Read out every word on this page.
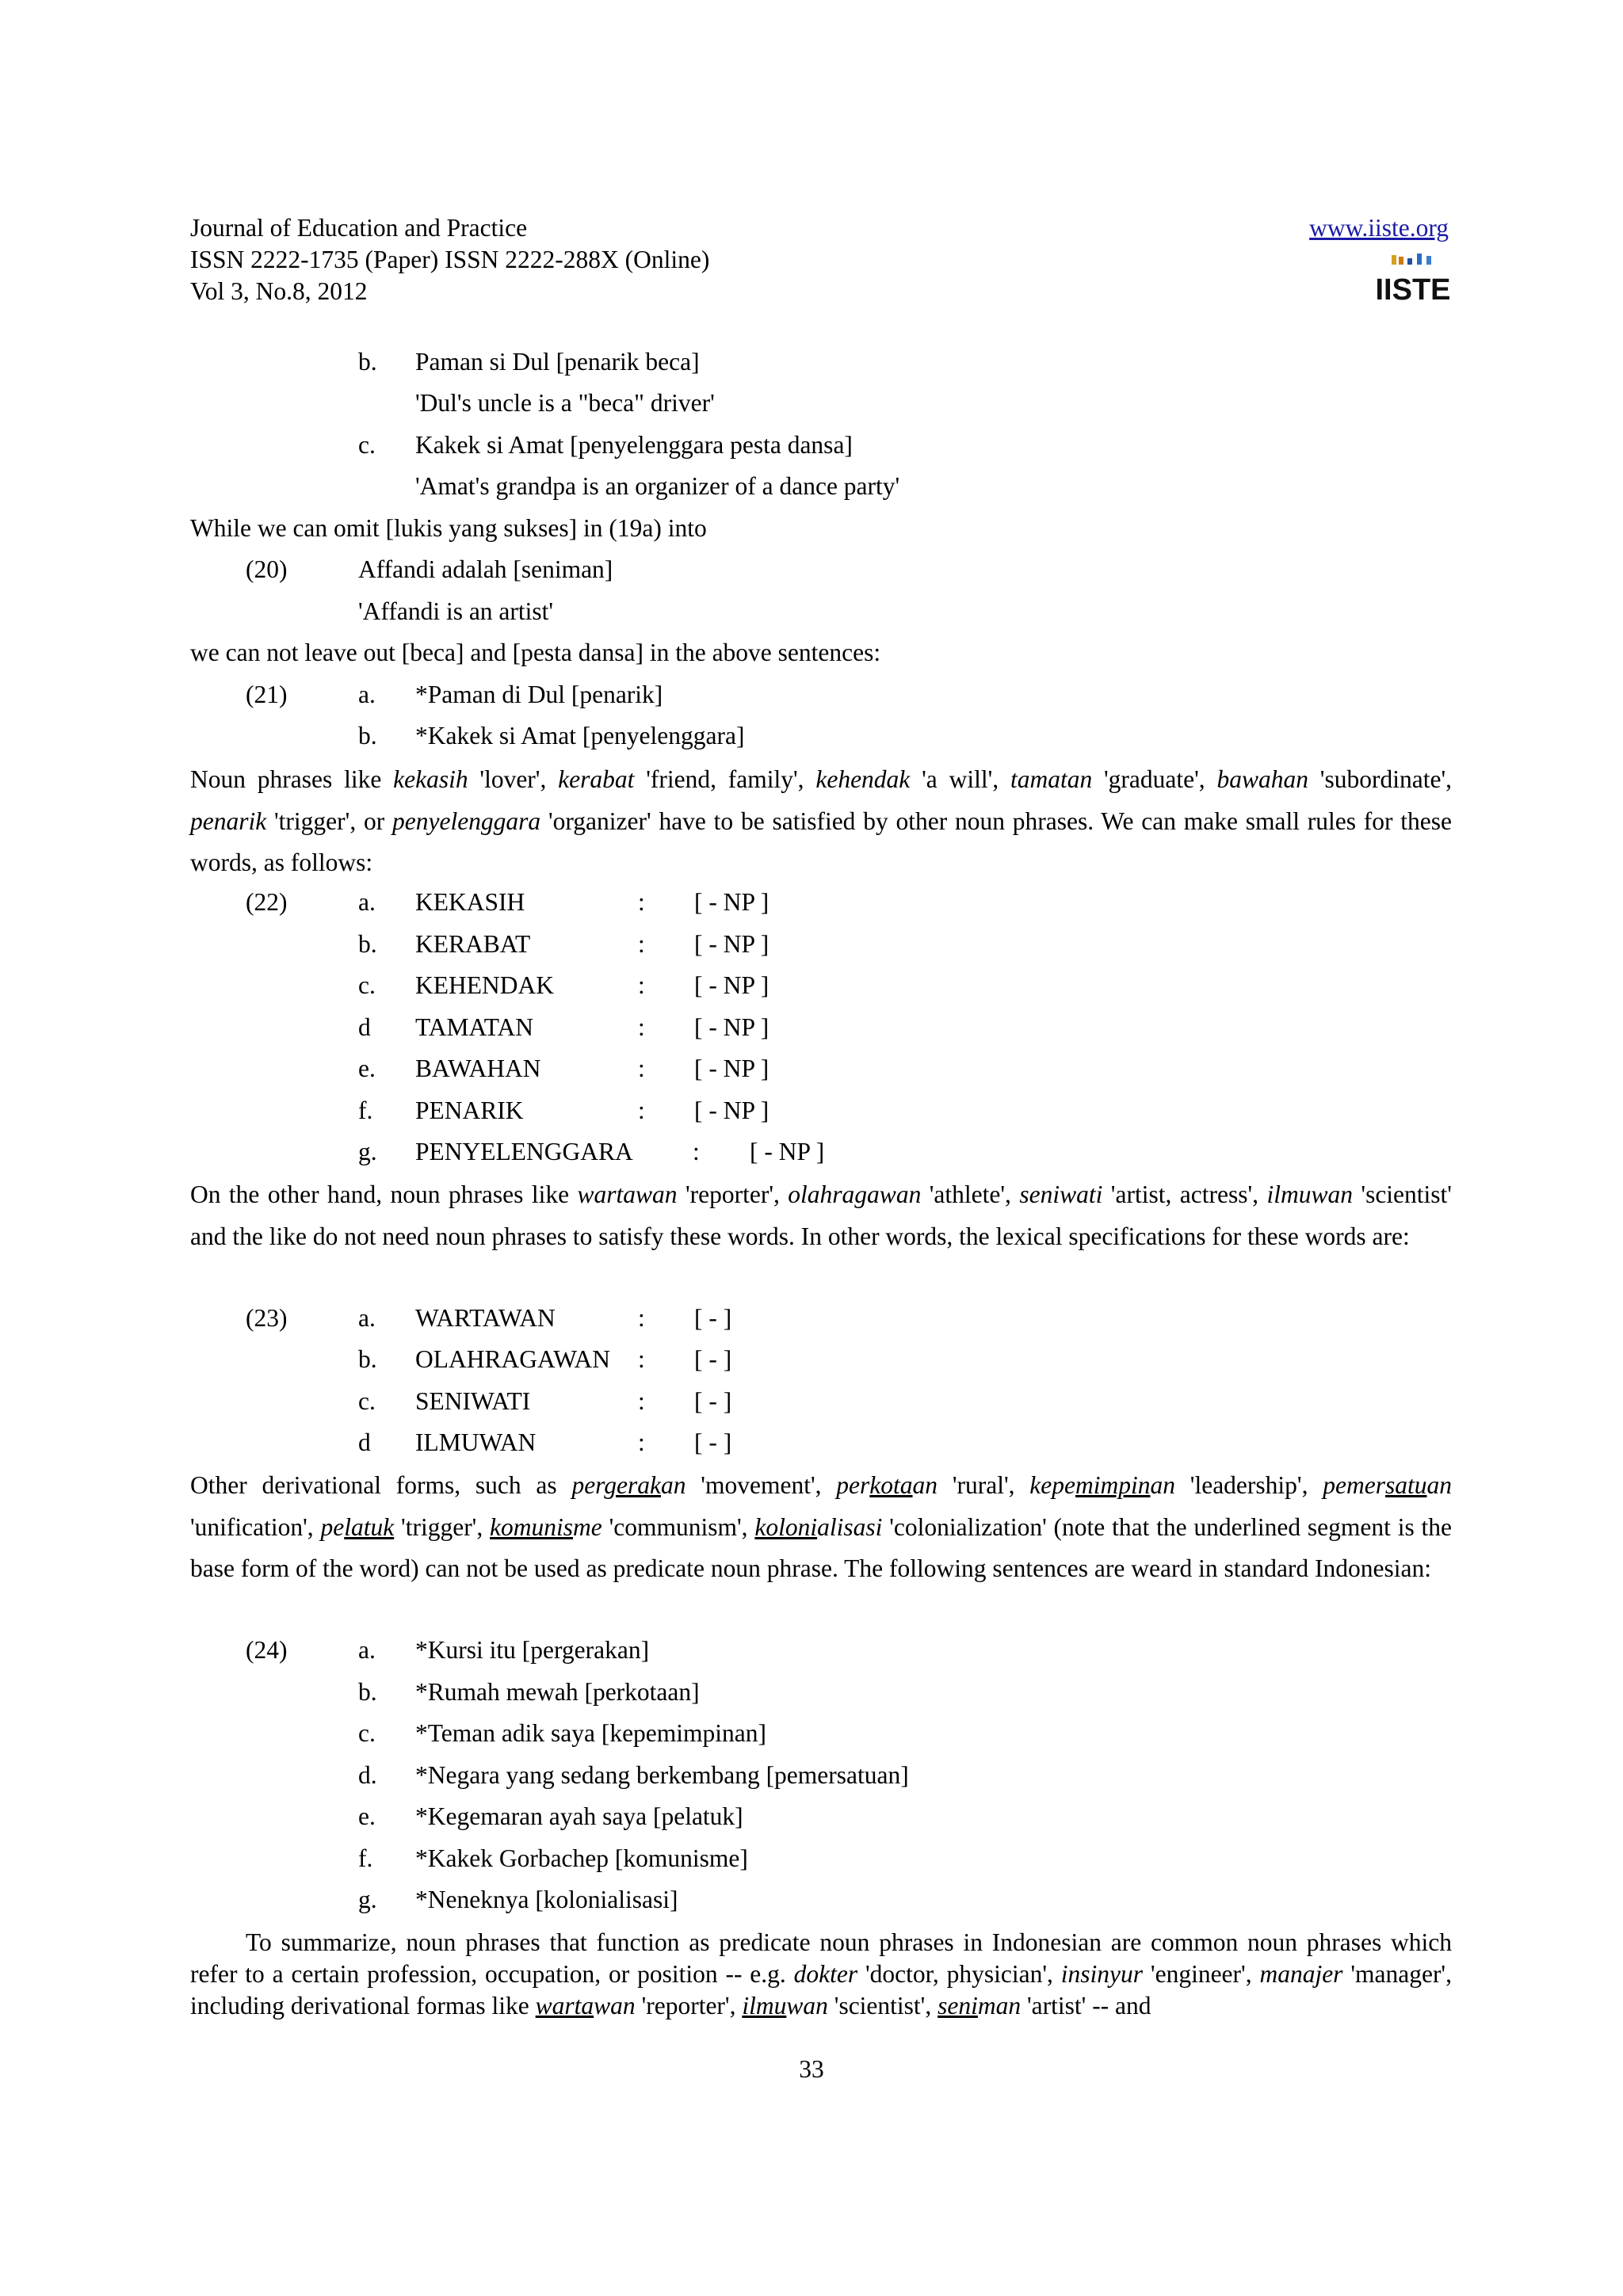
Journal of Education and Practice
ISSN 2222-1735 (Paper) ISSN 2222-288X (Online)
Vol 3, No.8, 2012
www.iiste.org
IISTE
b. Paman si Dul [penarik beca]
'Dul's uncle is a "beca" driver'
c. Kakek si Amat [penyelenggara pesta dansa]
'Amat's grandpa is an organizer of a dance party'
While we can omit [lukis yang sukses] in (19a) into
(20)	Affandi adalah [seniman]
'Affandi is an artist'
we can not leave out [beca] and [pesta dansa] in the above sentences:
(21)	a. *Paman di Dul [penarik]
b. *Kakek si Amat [penyelenggara]
Noun phrases like kekasih 'lover', kerabat 'friend, family', kehendak 'a will', tamatan 'graduate', bawahan 'subordinate', penarik 'trigger', or penyelenggara 'organizer' have to be satisfied by other noun phrases. We can make small rules for these words, as follows:
(22)	a. KEKASIH	: [ - NP ]
b. KERABAT	: [ - NP ]
c. KEHENDAK	: [ - NP ]
d TAMATAN	: [ - NP ]
e. BAWAHAN	: [ - NP ]
f. PENARIK	: [ - NP ]
g. PENYELENGGARA : [ - NP ]
On the other hand, noun phrases like wartawan 'reporter', olahragawan 'athlete', seniwati 'artist, actress', ilmuwan 'scientist' and the like do not need noun phrases to satisfy these words. In other words, the lexical specifications for these words are:
(23)	a. WARTAWAN	: [ - ]
b. OLAHRAGAWAN : [ - ]
c. SENIWATI	: [ - ]
d ILMUWAN	: [ - ]
Other derivational forms, such as pergerakan 'movement', perkotaan 'rural', kepemimpinan 'leadership', pemersatuan 'unification', pelatuk 'trigger', komunisme 'communism', kolonialisasi 'colonialization' (note that the underlined segment is the base form of the word) can not be used as predicate noun phrase. The following sentences are weard in standard Indonesian:
(24)	a. *Kursi itu [pergerakan]
b. *Rumah mewah [perkotaan]
c. *Teman adik saya [kepemimpinan]
d. *Negara yang sedang berkembang [pemersatuan]
e. *Kegemaran ayah saya [pelatuk]
f. *Kakek Gorbachep [komunisme]
g. *Neneknya [kolonialisasi]
To summarize, noun phrases that function as predicate noun phrases in Indonesian are common noun phrases which refer to a certain profession, occupation, or position -- e.g. dokter 'doctor, physician', insinyur 'engineer', manajer 'manager', including derivational formas like wartawan 'reporter', ilmuwan 'scientist', seniman 'artist' -- and
33
